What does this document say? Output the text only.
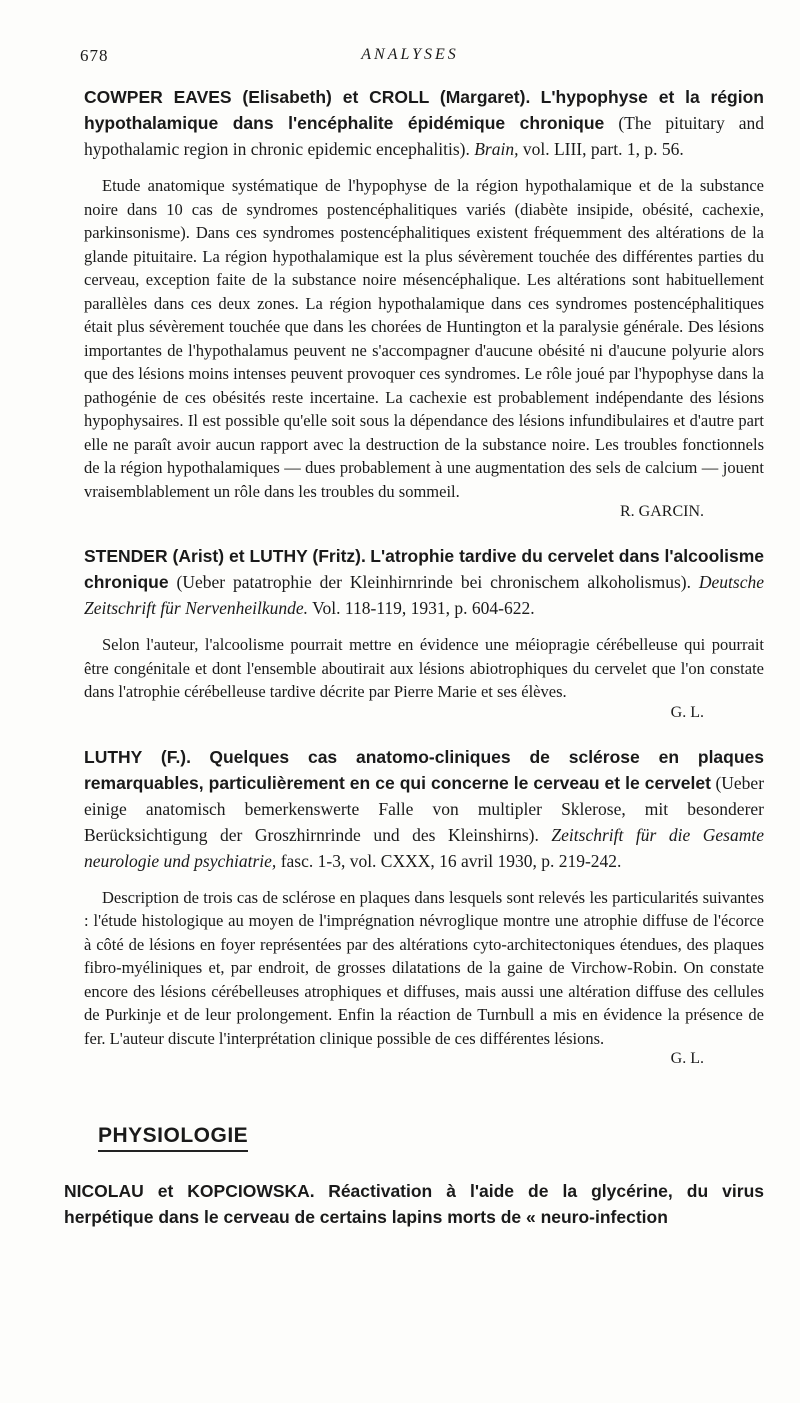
678	ANALYSES

COWPER EAVES (Elisabeth) et CROLL (Margaret). L'hypophyse et la région hypothalamique dans l'encéphalite épidémique chronique (The pituitary and hypothalamic region in chronic epidemic encephalitis). Brain, vol. LIII, part. 1, p. 56.

Etude anatomique systématique de l'hypophyse de la région hypothalamique et de la substance noire dans 10 cas de syndromes postencéphalitiques variés (diabète insipide, obésité, cachexie, parkinsonisme). Dans ces syndromes postencéphalitiques existent fréquemment des altérations de la glande pituitaire. La région hypothalamique est la plus sévèrement touchée des différentes parties du cerveau, exception faite de la substance noire mésencéphalique. Les altérations sont habituellement parallèles dans ces deux zones. La région hypothalamique dans ces syndromes postencéphalitiques était plus sévèrement touchée que dans les chorées de Huntington et la paralysie générale. Des lésions importantes de l'hypothalamus peuvent ne s'accompagner d'aucune obésité ni d'aucune polyurie alors que des lésions moins intenses peuvent provoquer ces syndromes. Le rôle joué par l'hypophyse dans la pathogénie de ces obésités reste incertaine. La cachexie est probablement indépendante des lésions hypophysaires. Il est possible qu'elle soit sous la dépendance des lésions infundibulaires et d'autre part elle ne paraît avoir aucun rapport avec la destruction de la substance noire. Les troubles fonctionnels de la région hypothalamiques — dues probablement à une augmentation des sels de calcium — jouent vraisemblablement un rôle dans les troubles du sommeil.

R. GARCIN.

STENDER (Arist) et LUTHY (Fritz). L'atrophie tardive du cervelet dans l'alcoolisme chronique (Ueber patatrophie der Kleinhirnrinde bei chronischem alkoholismus). Deutsche Zeitschrift für Nervenheilkunde. Vol. 118-119, 1931, p. 604-622.

Selon l'auteur, l'alcoolisme pourrait mettre en évidence une méiopragie cérébelleuse qui pourrait être congénitale et dont l'ensemble aboutirait aux lésions abiotrophiques du cervelet que l'on constate dans l'atrophie cérébelleuse tardive décrite par Pierre Marie et ses élèves.

G. L.

LUTHY (F.). Quelques cas anatomo-cliniques de sclérose en plaques remarquables, particulièrement en ce qui concerne le cerveau et le cervelet (Ueber einige anatomisch bemerkenswerte Falle von multipler Sklerose, mit besonderer Berücksichtigung der Groszhirnrinde und des Kleinshirns). Zeitschrift für die Gesamte neurologie und psychiatrie, fasc. 1-3, vol. CXXX, 16 avril 1930, p. 219-242.

Description de trois cas de sclérose en plaques dans lesquels sont relevés les particularités suivantes : l'étude histologique au moyen de l'imprégnation névroglique montre une atrophie diffuse de l'écorce à côté de lésions en foyer représentées par des altérations cyto-architectoniques étendues, des plaques fibro-myéliniques et, par endroit, de grosses dilatations de la gaine de Virchow-Robin. On constate encore des lésions cérébelleuses atrophiques et diffuses, mais aussi une altération diffuse des cellules de Purkinje et de leur prolongement. Enfin la réaction de Turnbull a mis en évidence la présence de fer. L'auteur discute l'interprétation clinique possible de ces différentes lésions.

G. L.
PHYSIOLOGIE

NICOLAU et KOPCIOWSKA. Réactivation à l'aide de la glycérine, du virus herpétique dans le cerveau de certains lapins morts de « neuro-infection
